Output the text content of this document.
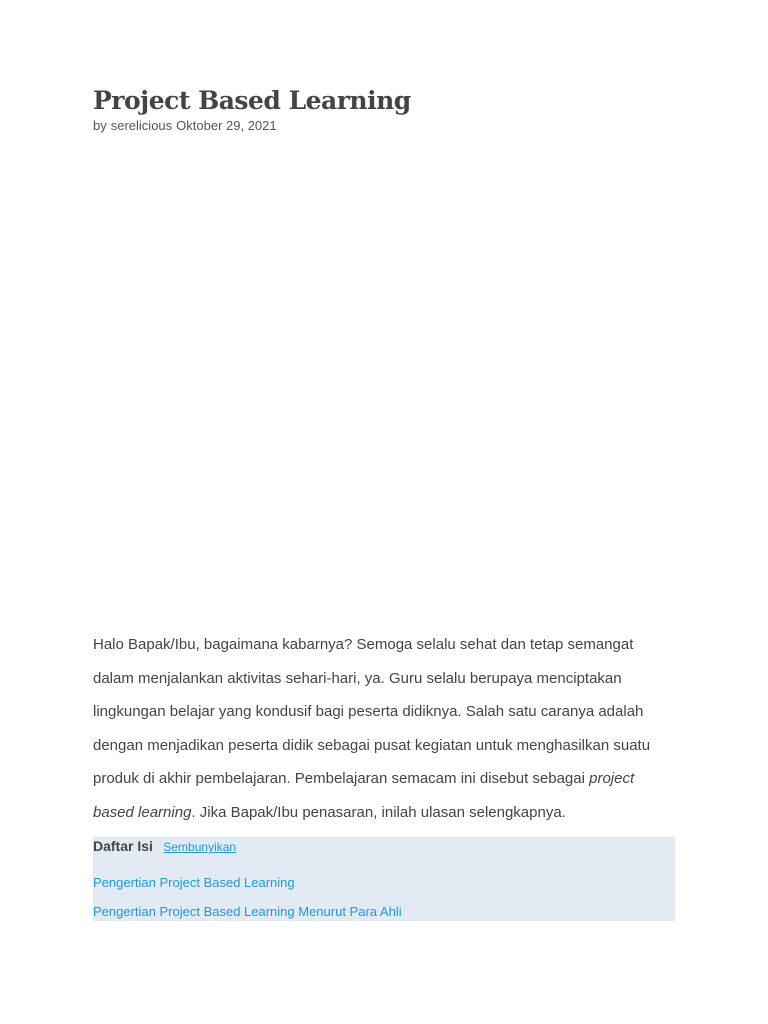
Project Based Learning
by serelicious Oktober 29, 2021

Halo Bapak/Ibu, bagaimana kabarnya? Semoga selalu sehat dan tetap semangat
dalam menjalankan aktivitas sehari-hari, ya. Guru selalu berupaya menciptakan
lingkungan belajar yang kondusif bagi peserta didiknya. Salah satu caranya adalah
dengan menjadikan peserta didik sebagai pusat kegiatan untuk menghasilkan suatu
produk di akhir pembelajaran. Pembelajaran semacam ini disebut sebagai project
based learning. Jika Bapak/Ibu penasaran, inilah ulasan selengkapnya.

Daftar Isi Sembunyikan
Pengertian Project Based Learning
Pengertian Project Based Learning Menurut Para Ahli
